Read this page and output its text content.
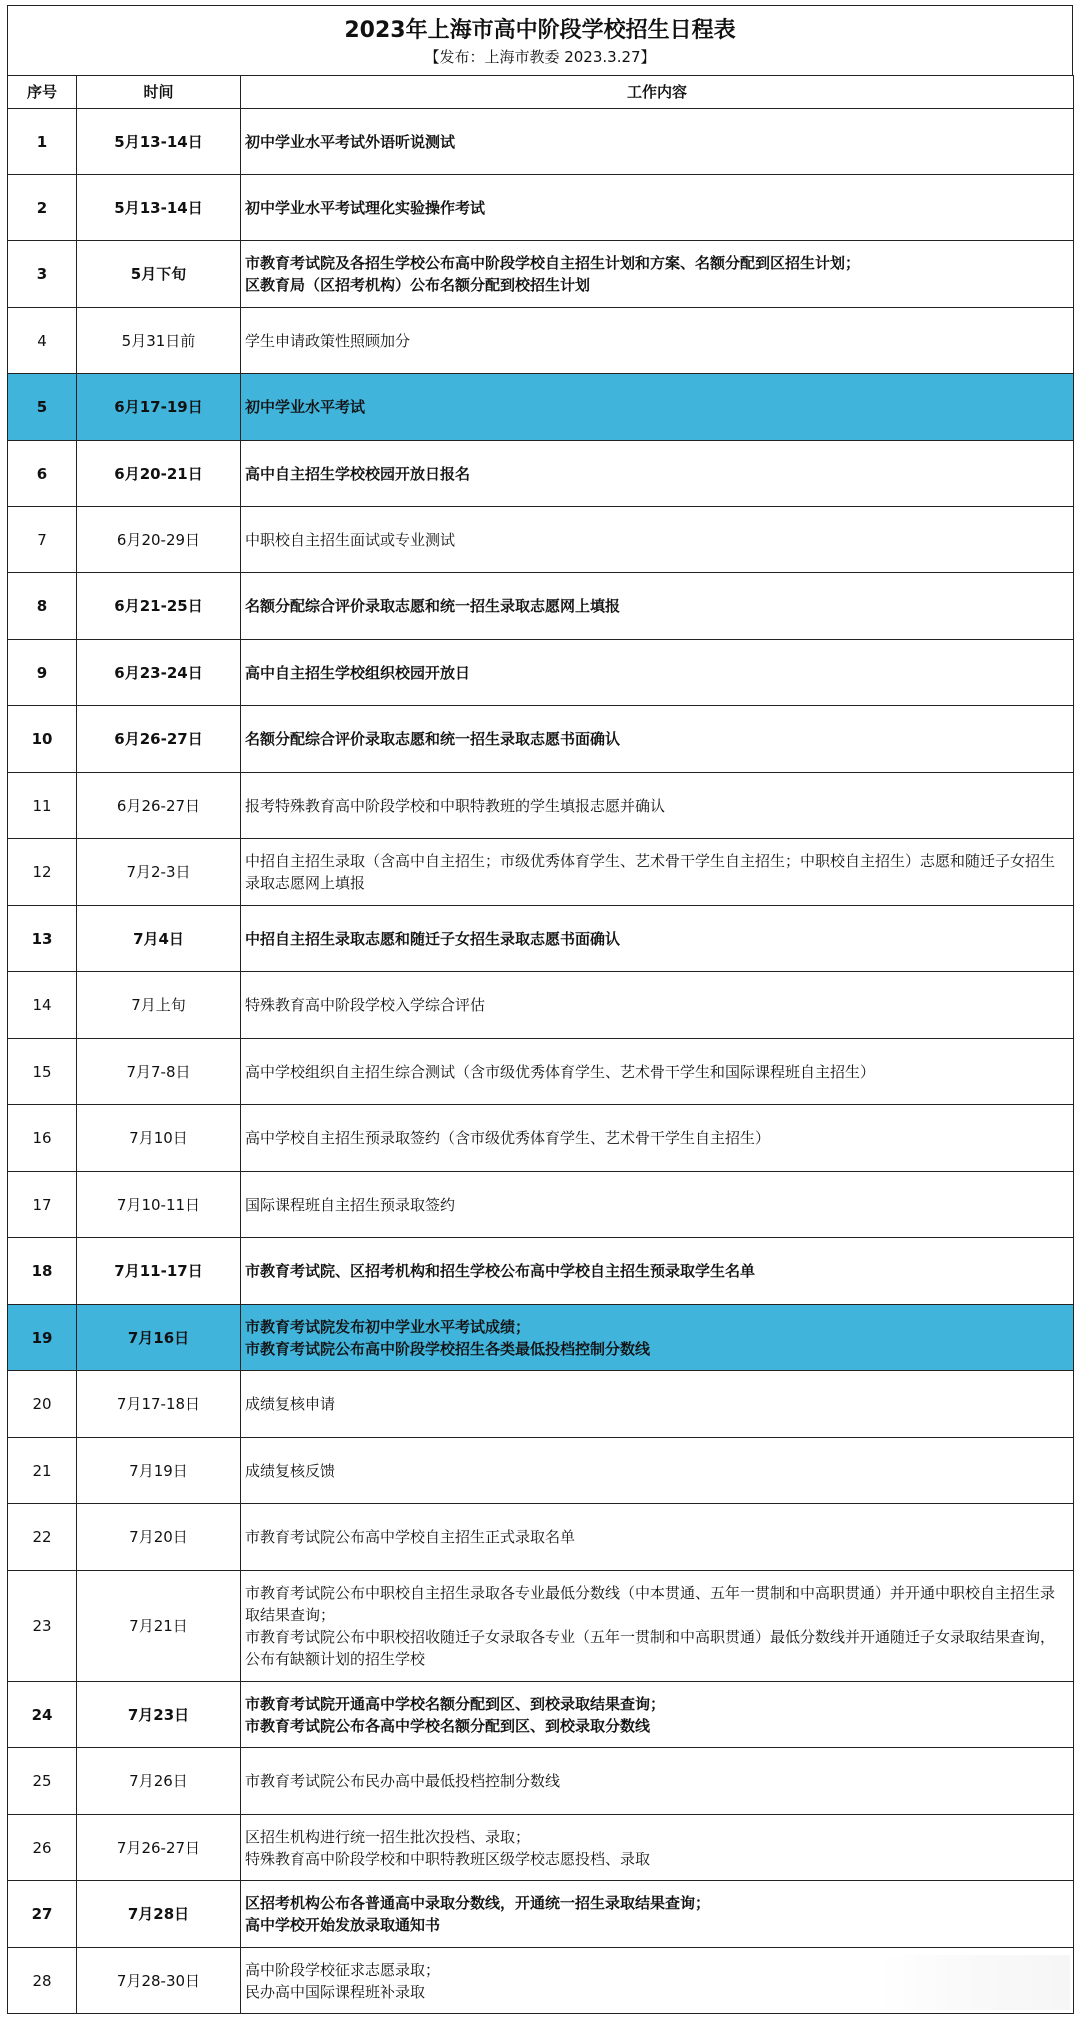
2023年上海市高中阶段学校招生日程表
【发布：上海市教委 2023.3.27】
序号	时间	工作内容
1	5月13-14日	初中学业水平考试外语听说测试

2	5月13-14日	初中学业水平考试理化实验操作考试

3	5月下旬	市教育考试院及各招生学校公布高中阶段学校自主招生计划和方案、名额分配到区招生计划；
区教育局（区招考机构）公布名额分配到校招生计划

4	5月31日前	学生申请政策性照顾加分

5	6月17-19日	初中学业水平考试

6	6月20-21日	高中自主招生学校校园开放日报名

7	6月20-29日	中职校自主招生面试或专业测试

8	6月21-25日	名额分配综合评价录取志愿和统一招生录取志愿网上填报

9	6月23-24日	高中自主招生学校组织校园开放日

10	6月26-27日	名额分配综合评价录取志愿和统一招生录取志愿书面确认

11	6月26-27日	报考特殊教育高中阶段学校和中职特教班的学生填报志愿并确认

12	7月2-3日	中招自主招生录取（含高中自主招生；市级优秀体育学生、艺术骨干学生自主招生；中职校自主招生）志愿和随迁子女招生录取志愿网上填报

13	7月4日	中招自主招生录取志愿和随迁子女招生录取志愿书面确认

14	7月上旬	特殊教育高中阶段学校入学综合评估

15	7月7-8日	高中学校组织自主招生综合测试（含市级优秀体育学生、艺术骨干学生和国际课程班自主招生）

16	7月10日	高中学校自主招生预录取签约（含市级优秀体育学生、艺术骨干学生自主招生）

17	7月10-11日	国际课程班自主招生预录取签约

18	7月11-17日	市教育考试院、区招考机构和招生学校公布高中学校自主招生预录取学生名单

19	7月16日	市教育考试院发布初中学业水平考试成绩；
市教育考试院公布高中阶段学校招生各类最低投档控制分数线

20	7月17-18日	成绩复核申请

21	7月19日	成绩复核反馈

22	7月20日	市教育考试院公布高中学校自主招生正式录取名单

23	7月21日	市教育考试院公布中职校自主招生录取各专业最低分数线（中本贯通、五年一贯制和中高职贯通）并开通中职校自主招生录取结果查询；
市教育考试院公布中职校招收随迁子女录取各专业（五年一贯制和中高职贯通）最低分数线并开通随迁子女录取结果查询，公布有缺额计划的招生学校

24	7月23日	市教育考试院开通高中学校名额分配到区、到校录取结果查询；
市教育考试院公布各高中学校名额分配到区、到校录取分数线

25	7月26日	市教育考试院公布民办高中最低投档控制分数线

26	7月26-27日	区招生机构进行统一招生批次投档、录取；
特殊教育高中阶段学校和中职特教班区级学校志愿投档、录取

27	7月28日	区招考机构公布各普通高中录取分数线，开通统一招生录取结果查询；
高中学校开始发放录取通知书

28	7月28-30日	高中阶段学校征求志愿录取；
民办高中国际课程班补录取
